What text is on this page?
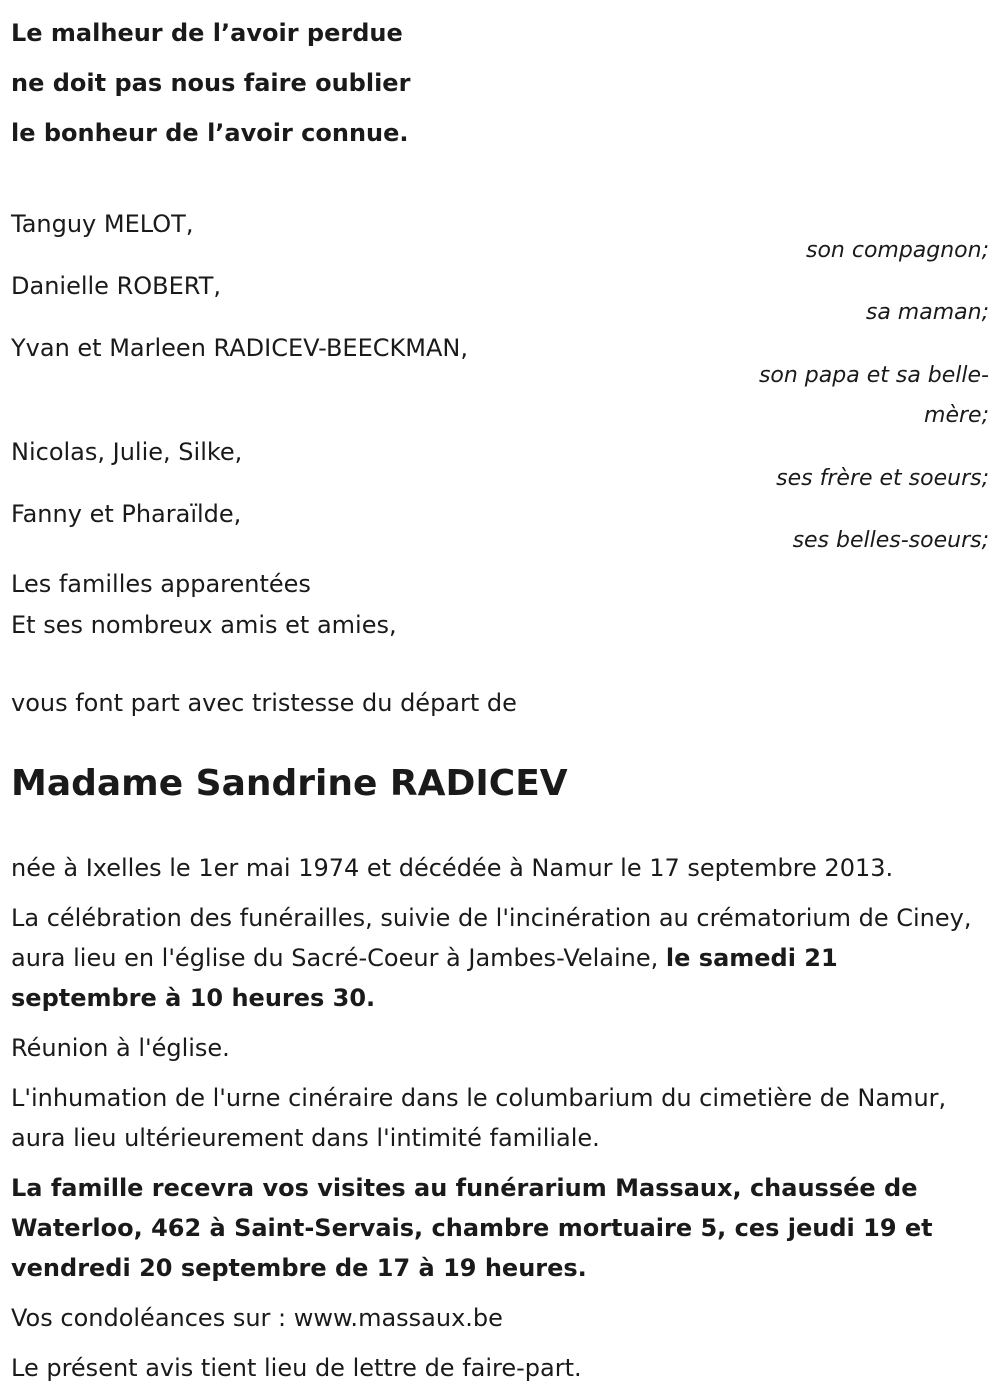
Le malheur de l’avoir perdue
ne doit pas nous faire oublier
le bonheur de l’avoir connue.
Tanguy MELOT,
son compagnon;
Danielle ROBERT,
sa maman;
Yvan et Marleen RADICEV-BEECKMAN,
son papa et sa belle-mère;
Nicolas, Julie, Silke,
ses frère et soeurs;
Fanny et Pharaïlde,
ses belles-soeurs;
Les familles apparentées
Et ses nombreux amis et amies,
vous font part avec tristesse du départ de
Madame Sandrine RADICEV
née à Ixelles le 1er mai 1974 et décédée à Namur le 17 septembre 2013.
La célébration des funérailles, suivie de l'incinération au crématorium de Ciney, aura lieu en l'église du Sacré-Coeur à Jambes-Velaine, le samedi 21 septembre à 10 heures 30.
Réunion à l'église.
L'inhumation de l'urne cinéraire dans le columbarium du cimetière de Namur, aura lieu ultérieurement dans l'intimité familiale.
La famille recevra vos visites au funérarium Massaux, chaussée de Waterloo, 462 à Saint-Servais, chambre mortuaire 5, ces jeudi 19 et vendredi 20 septembre de 17 à 19 heures.
Vos condoléances sur : www.massaux.be
Le présent avis tient lieu de lettre de faire-part.
